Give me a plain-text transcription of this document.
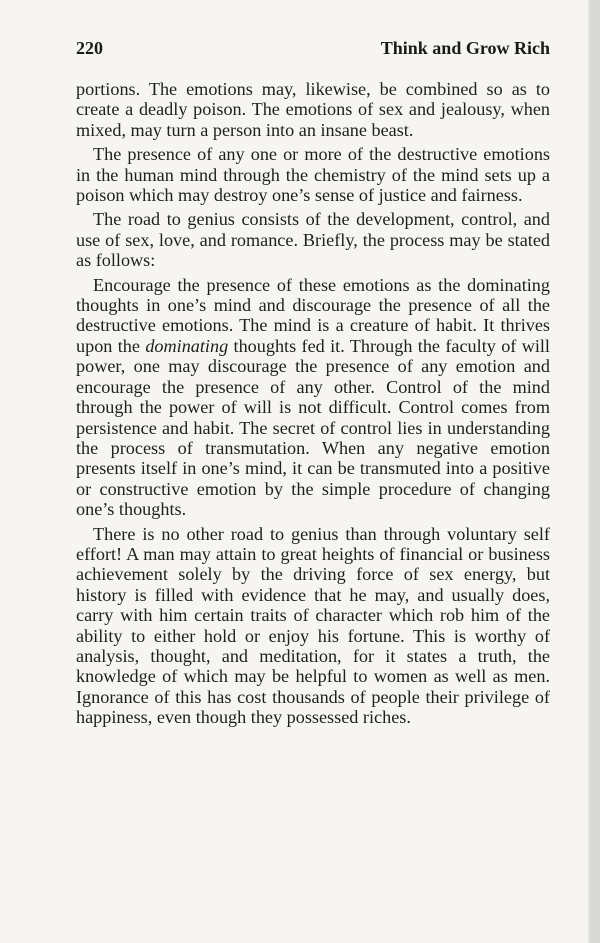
220	Think and Grow Rich

portions. The emotions may, likewise, be combined so as to create a deadly poison. The emotions of sex and jealousy, when mixed, may turn a person into an insane beast.

The presence of any one or more of the destructive emotions in the human mind through the chemistry of the mind sets up a poison which may destroy one’s sense of justice and fairness.

The road to genius consists of the development, control, and use of sex, love, and romance. Briefly, the process may be stated as follows:

Encourage the presence of these emotions as the dominating thoughts in one’s mind and discourage the presence of all the destructive emotions. The mind is a creature of habit. It thrives upon the dominating thoughts fed it. Through the faculty of will power, one may discourage the presence of any emotion and encourage the presence of any other. Control of the mind through the power of will is not difficult. Control comes from persistence and habit. The secret of control lies in understanding the process of transmutation. When any negative emotion presents itself in one’s mind, it can be transmuted into a positive or constructive emotion by the simple procedure of changing one’s thoughts.

There is no other road to genius than through voluntary self effort! A man may attain to great heights of financial or business achievement solely by the driving force of sex energy, but history is filled with evidence that he may, and usually does, carry with him certain traits of character which rob him of the ability to either hold or enjoy his fortune. This is worthy of analysis, thought, and meditation, for it states a truth, the knowledge of which may be helpful to women as well as men. Ignorance of this has cost thousands of people their privilege of happiness, even though they possessed riches.
